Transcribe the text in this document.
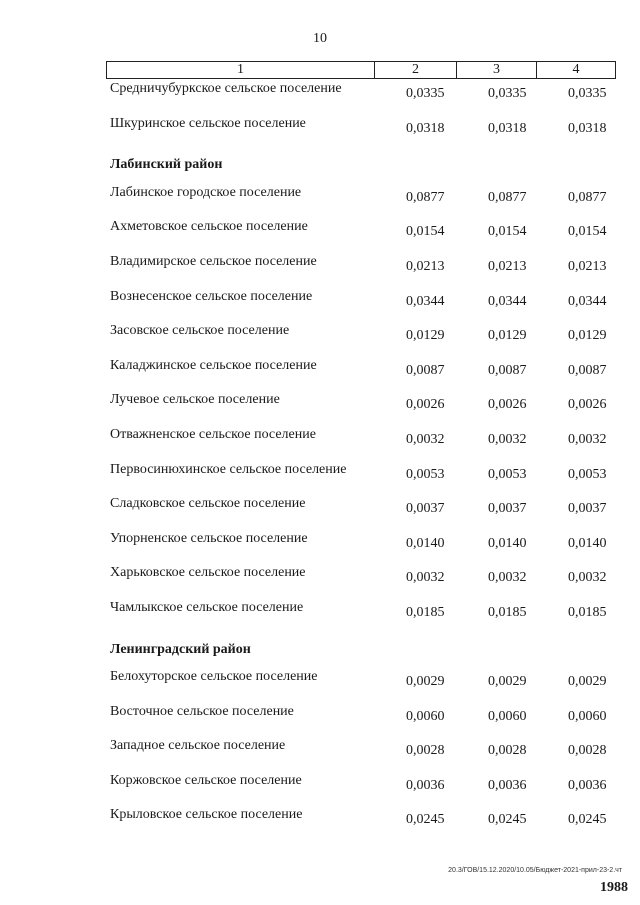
10
1	2	3	4
Средничубуркское сельское поселение	0,0335	0,0335	0,0335
Шкуринское сельское поселение	0,0318	0,0318	0,0318
Лабинский район
Лабинское городское поселение	0,0877	0,0877	0,0877
Ахметовское сельское поселение	0,0154	0,0154	0,0154
Владимирское сельское поселение	0,0213	0,0213	0,0213
Вознесенское сельское поселение	0,0344	0,0344	0,0344
Засовское сельское поселение	0,0129	0,0129	0,0129
Каладжинское сельское поселение	0,0087	0,0087	0,0087
Лучевое сельское поселение	0,0026	0,0026	0,0026
Отважненское сельское поселение	0,0032	0,0032	0,0032
Первосинюхинское сельское поселение	0,0053	0,0053	0,0053
Сладковское сельское поселение	0,0037	0,0037	0,0037
Упорненское сельское поселение	0,0140	0,0140	0,0140
Харьковское сельское поселение	0,0032	0,0032	0,0032
Чамлыкское сельское поселение	0,0185	0,0185	0,0185
Ленинградский район
Белохуторское сельское поселение	0,0029	0,0029	0,0029
Восточное сельское поселение	0,0060	0,0060	0,0060
Западное сельское поселение	0,0028	0,0028	0,0028
Коржовское сельское поселение	0,0036	0,0036	0,0036
Крыловское сельское поселение	0,0245	0,0245	0,0245
20.3/ГОВ/15.12.2020/10.05/Бюджет-2021-прил-23-2.чт
1988
